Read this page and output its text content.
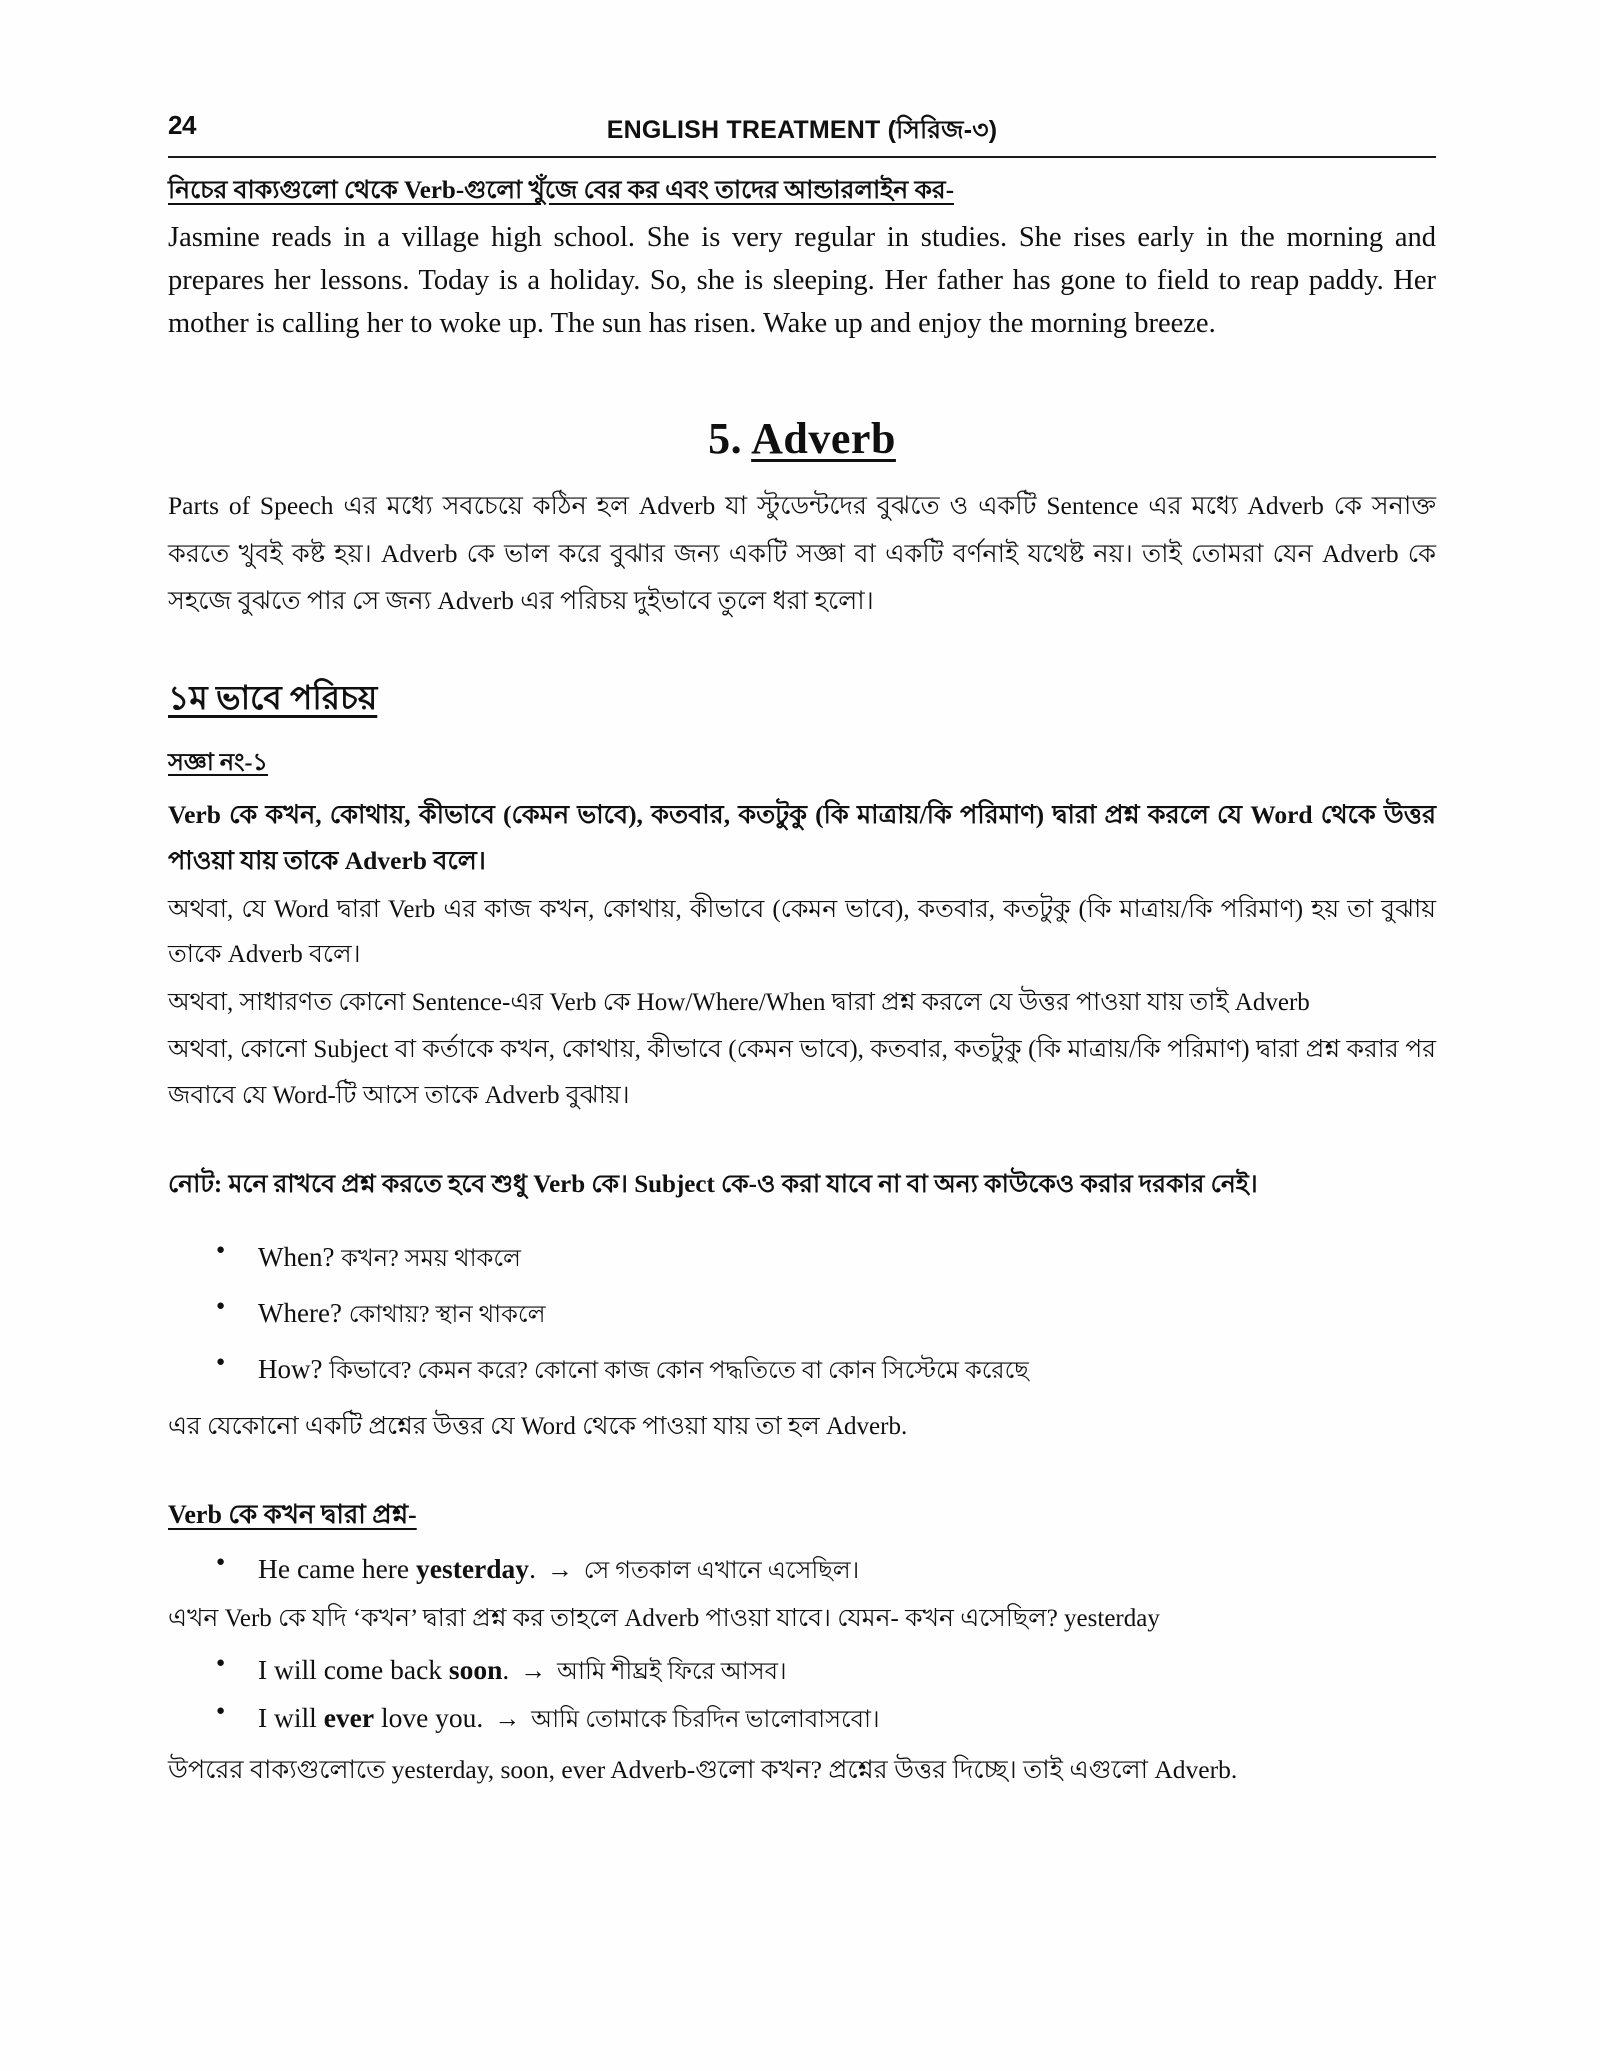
24	ENGLISH TREATMENT (সিরিজ-৩)
নিচের বাক্যগুলো থেকে Verb-গুলো খুঁজে বের কর এবং তাদের আন্ডারলাইন কর-
Jasmine reads in a village high school. She is very regular in studies. She rises early in the morning and prepares her lessons. Today is a holiday. So, she is sleeping. Her father has gone to field to reap paddy. Her mother is calling her to woke up. The sun has risen. Wake up and enjoy the morning breeze.
5. Adverb
Parts of Speech এর মধ্যে সবচেয়ে কঠিন হল Adverb যা স্টুডেন্টদের বুঝতে ও একটি Sentence এর মধ্যে Adverb কে সনাক্ত করতে খুবই কষ্ট হয়। Adverb কে ভাল করে বুঝার জন্য একটি সজ্ঞা বা একটি বর্ণনাই যথেষ্ট নয়। তাই তোমরা যেন Adverb কে সহজে বুঝতে পার সে জন্য Adverb এর পরিচয় দুইভাবে তুলে ধরা হলো।
১ম ভাবে পরিচয়
সজ্ঞা নং-১
Verb কে কখন, কোথায়, কীভাবে (কেমন ভাবে), কতবার, কতটুকু (কি মাত্রায়/কি পরিমাণ) দ্বারা প্রশ্ন করলে যে Word থেকে উত্তর পাওয়া যায় তাকে Adverb বলে।
অথবা, যে Word দ্বারা Verb এর কাজ কখন, কোথায়, কীভাবে (কেমন ভাবে), কতবার, কতটুকু (কি মাত্রায়/কি পরিমাণ) হয় তা বুঝায় তাকে Adverb বলে।
অথবা, সাধারণত কোনো Sentence-এর Verb কে How/Where/When দ্বারা প্রশ্ন করলে যে উত্তর পাওয়া যায় তাই Adverb
অথবা, কোনো Subject বা কর্তাকে কখন, কোথায়, কীভাবে (কেমন ভাবে), কতবার, কতটুকু (কি মাত্রায়/কি পরিমাণ) দ্বারা প্রশ্ন করার পর জবাবে যে Word-টি আসে তাকে Adverb বুঝায়।
নোট: মনে রাখবে প্রশ্ন করতে হবে শুধু Verb কে। Subject কে-ও করা যাবে না বা অন্য কাউকেও করার দরকার নেই।
● When? কখন? সময় থাকলে
● Where? কোথায়? স্থান থাকলে
● How? কিভাবে? কেমন করে? কোনো কাজ কোন পদ্ধতিতে বা কোন সিস্টেমে করেছে
এর যেকোনো একটি প্রশ্নের উত্তর যে Word থেকে পাওয়া যায় তা হল Adverb.
Verb কে কখন দ্বারা প্রশ্ন-
● He came here yesterday. → সে গতকাল এখানে এসেছিল।
এখন Verb কে যদি ‘কখন’ দ্বারা প্রশ্ন কর তাহলে Adverb পাওয়া যাবে। যেমন- কখন এসেছিল? yesterday
● I will come back soon. → আমি শীঘ্রই ফিরে আসব।
● I will ever love you. → আমি তোমাকে চিরদিন ভালোবাসবো।
উপরের বাক্যগুলোতে yesterday, soon, ever Adverb-গুলো কখন? প্রশ্নের উত্তর দিচ্ছে। তাই এগুলো Adverb.
